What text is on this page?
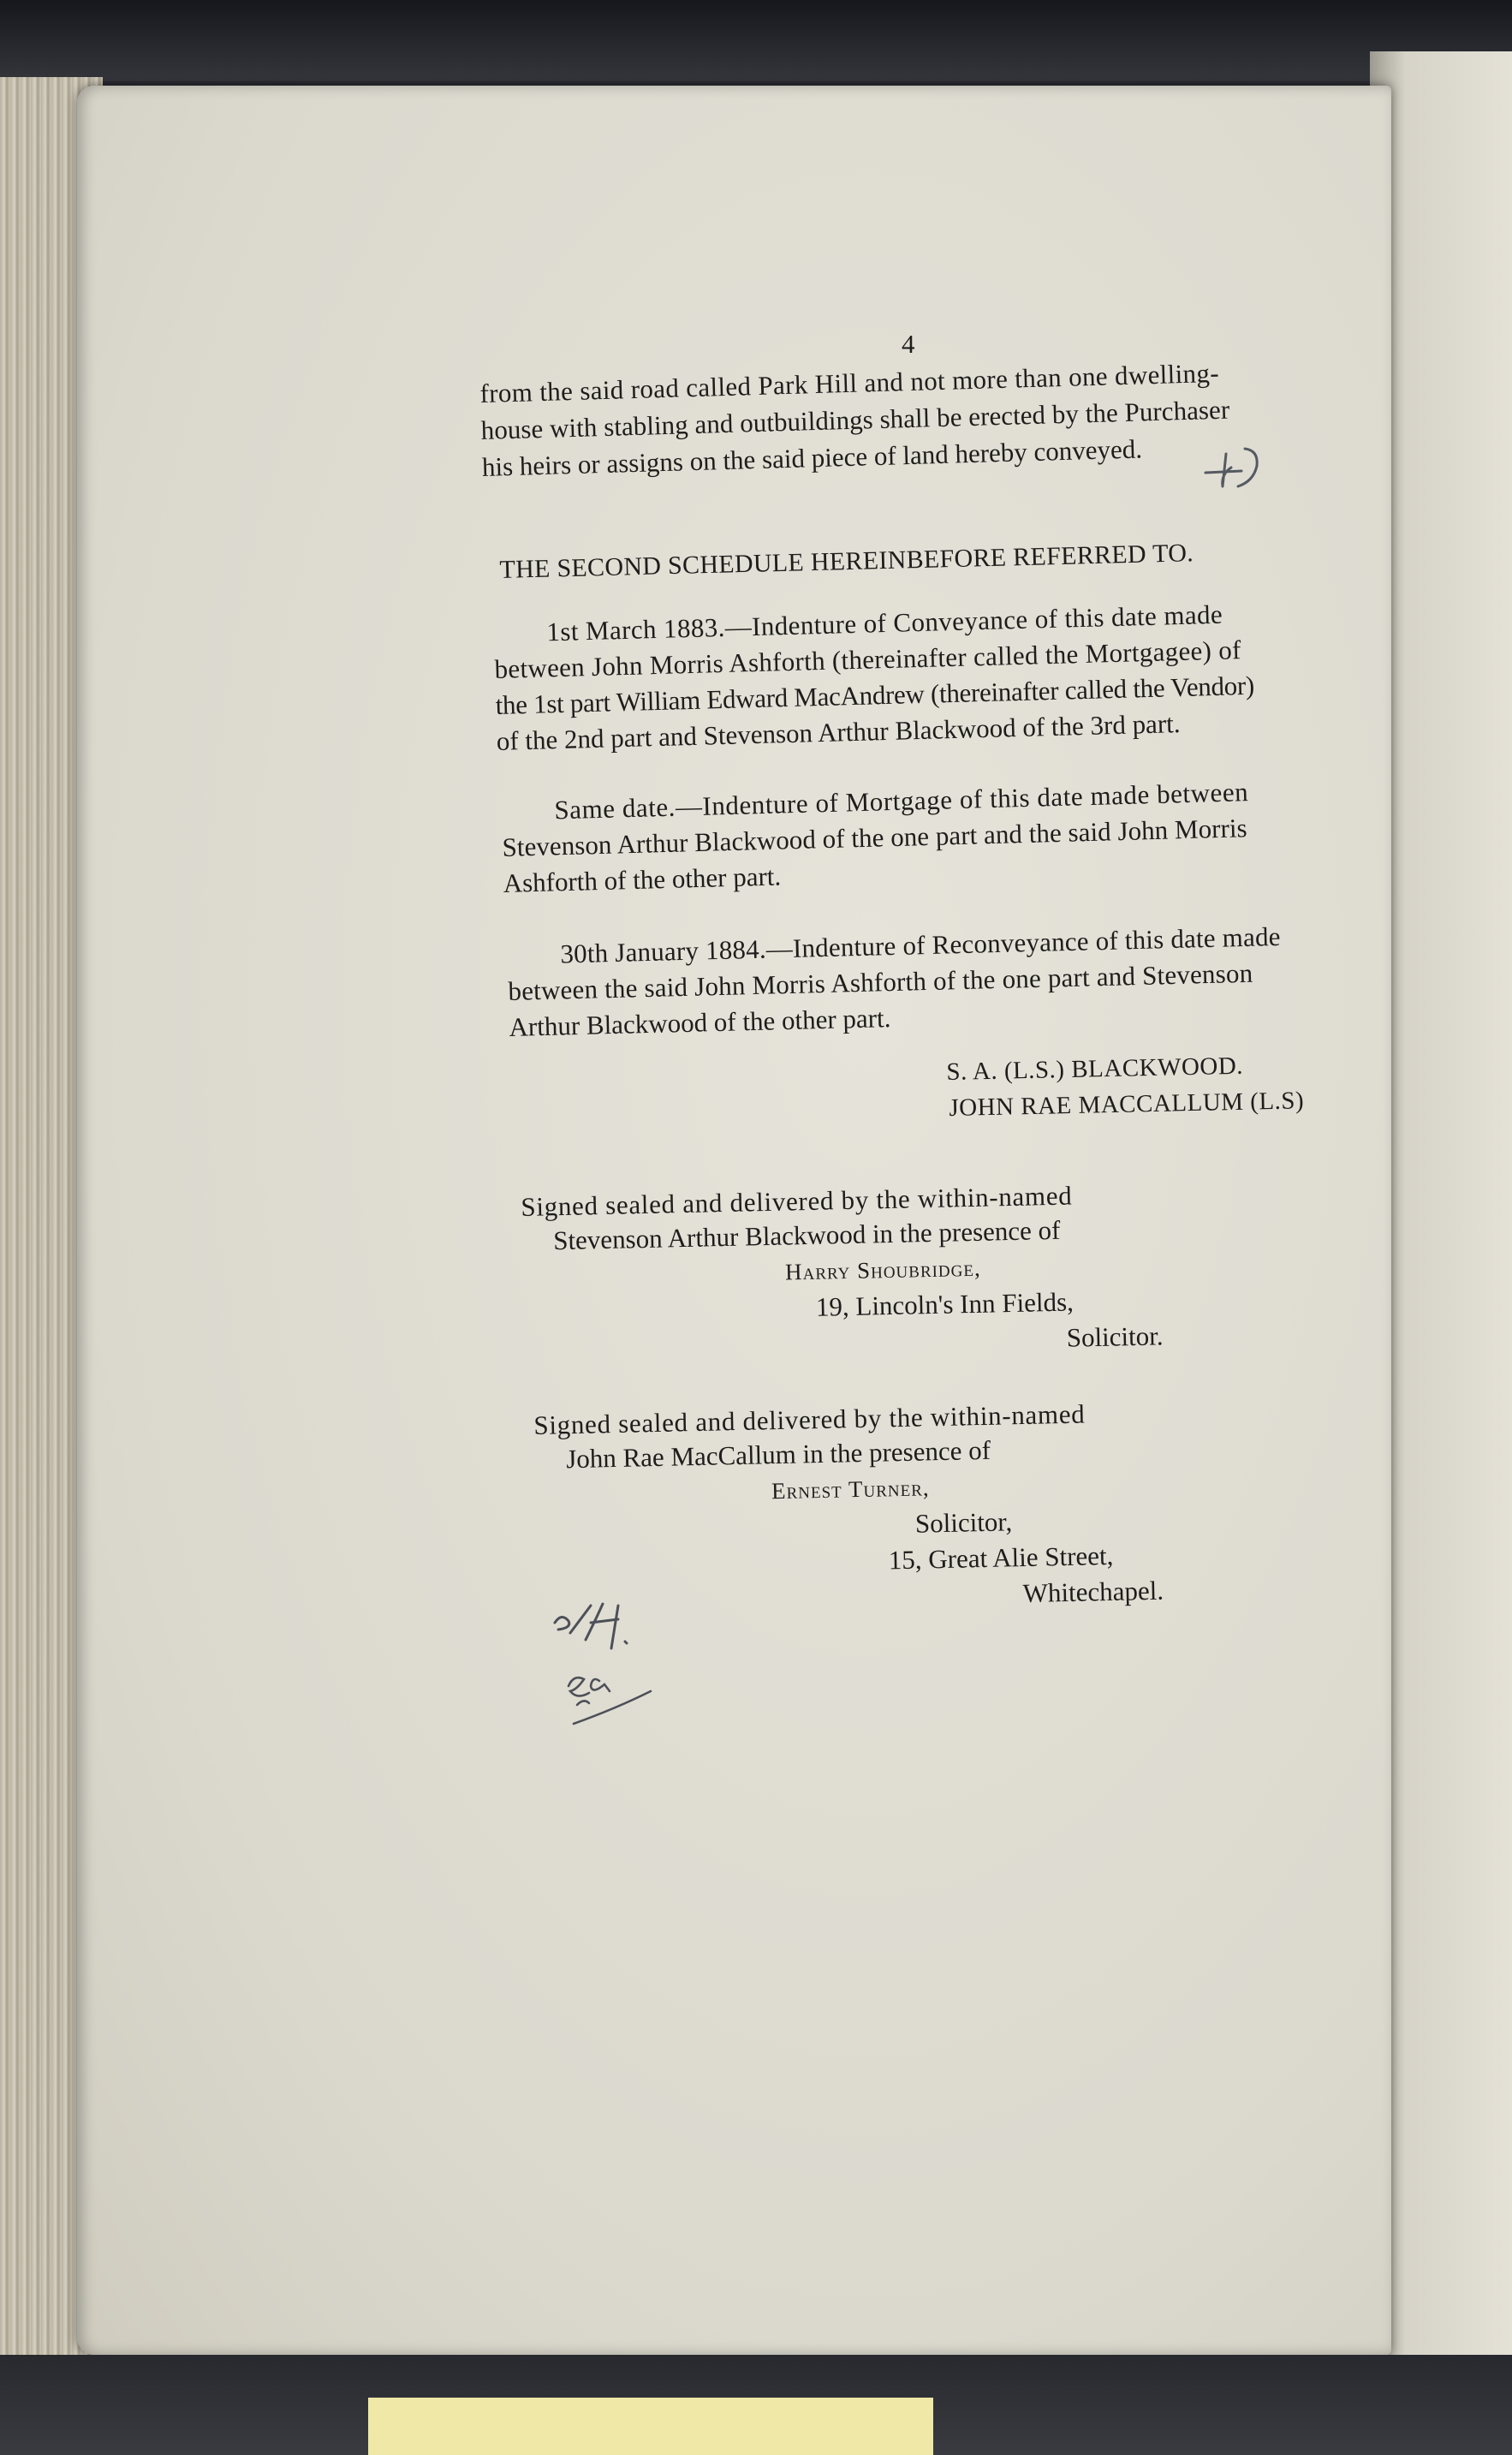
4
from the said road called Park Hill and not more than one dwelling-
house with stabling and outbuildings shall be erected by the Purchaser
his heirs or assigns on the said piece of land hereby conveyed.
THE SECOND SCHEDULE HEREINBEFORE REFERRED TO.
1st March 1883.—Indenture of Conveyance of this date made
between John Morris Ashforth (thereinafter called the Mortgagee) of
the 1st part William Edward MacAndrew (thereinafter called the Vendor)
of the 2nd part and Stevenson Arthur Blackwood of the 3rd part.
Same date.—Indenture of Mortgage of this date made between
Stevenson Arthur Blackwood of the one part and the said John Morris
Ashforth of the other part.
30th January 1884.—Indenture of Reconveyance of this date made
between the said John Morris Ashforth of the one part and Stevenson
Arthur Blackwood of the other part.
S. A. (L.S.) BLACKWOOD.
JOHN RAE MACCALLUM (L.S)
Signed sealed and delivered by the within-named
Stevenson Arthur Blackwood in the presence of
Harry Shoubridge,
19, Lincoln's Inn Fields,
Solicitor.
Signed sealed and delivered by the within-named
John Rae MacCallum in the presence of
Ernest Turner,
Solicitor,
15, Great Alie Street,
Whitechapel.
